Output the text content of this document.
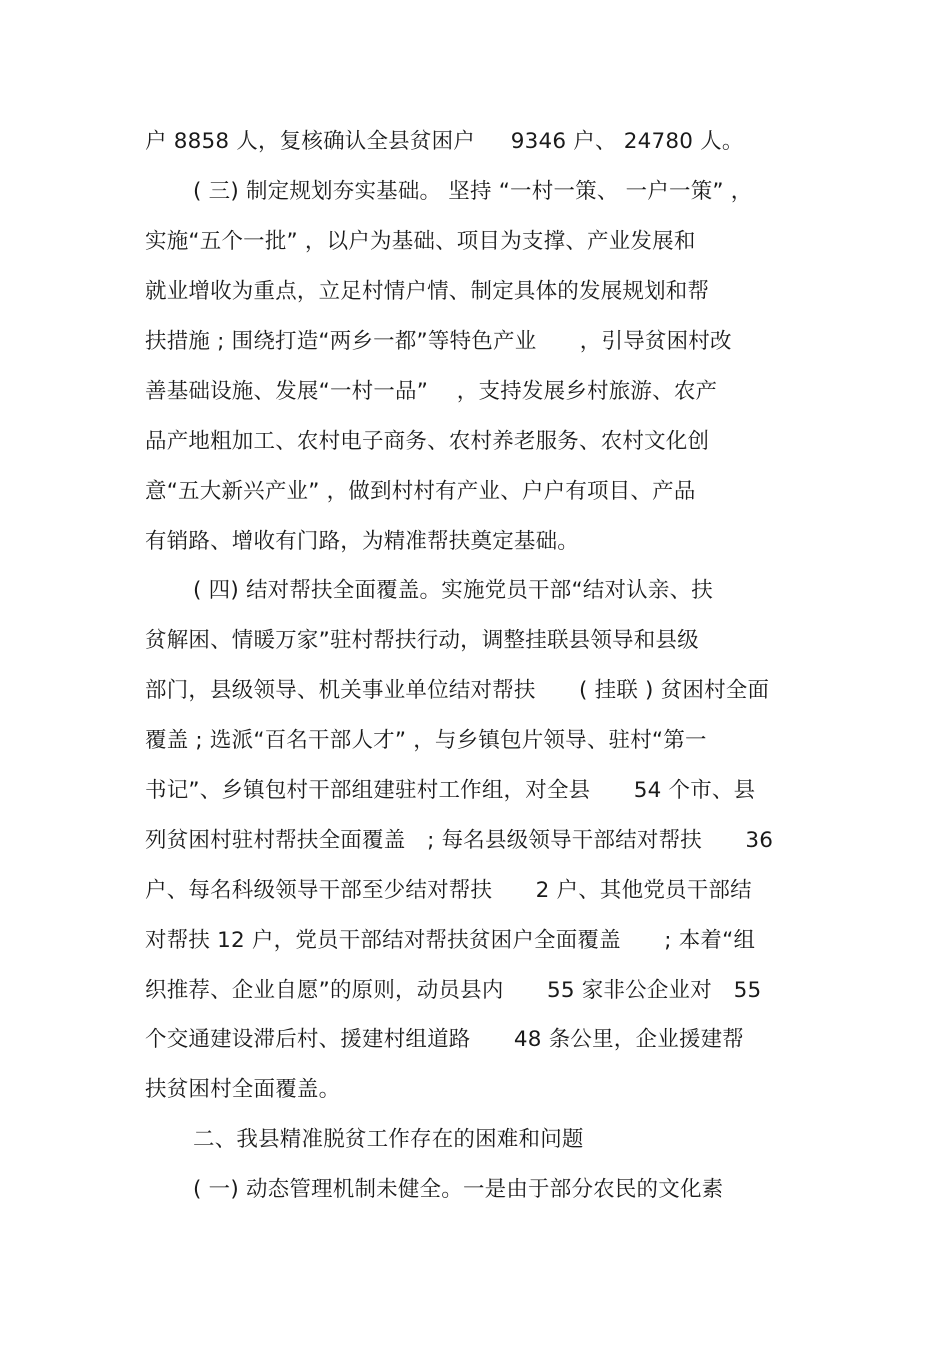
户 8858 人，复核确认全县贫困户　  9346 户、 24780 人。
( 三) 制定规划夯实基础。 坚持 “一村一策、 一户一策” ，
实施“五个一批” ，以户为基础、项目为支撑、产业发展和
就业增收为重点，立足村情户情、制定具体的发展规划和帮
扶措施 ; 围绕打造“两乡一都”等特色产业　　，引导贫困村改
善基础设施、发展“一村一品”　 ，支持发展乡村旅游、农产
品产地粗加工、农村电子商务、农村养老服务、农村文化创
意“五大新兴产业” ，做到村村有产业、户户有项目、产品
有销路、增收有门路，为精准帮扶奠定基础。
( 四) 结对帮扶全面覆盖。实施党员干部“结对认亲、扶
贫解困、情暖万家”驻村帮扶行动，调整挂联县领导和县级
部门，县级领导、机关事业单位结对帮扶　　( 挂联 ) 贫困村全面
覆盖 ; 选派“百名干部人才” ，与乡镇包片领导、驻村“第一
书记”、乡镇包村干部组建驻村工作组，对全县　　54 个市、县
列贫困村驻村帮扶全面覆盖　; 每名县级领导干部结对帮扶　　36
户、每名科级领导干部至少结对帮扶　　2 户、其他党员干部结
对帮扶 12 户，党员干部结对帮扶贫困户全面覆盖　　; 本着“组
织推荐、企业自愿”的原则，动员县内　　55 家非公企业对　55
个交通建设滞后村、援建村组道路　　48 条公里，企业援建帮
扶贫困村全面覆盖。
二、我县精准脱贫工作存在的困难和问题
( 一) 动态管理机制未健全。一是由于部分农民的文化素
